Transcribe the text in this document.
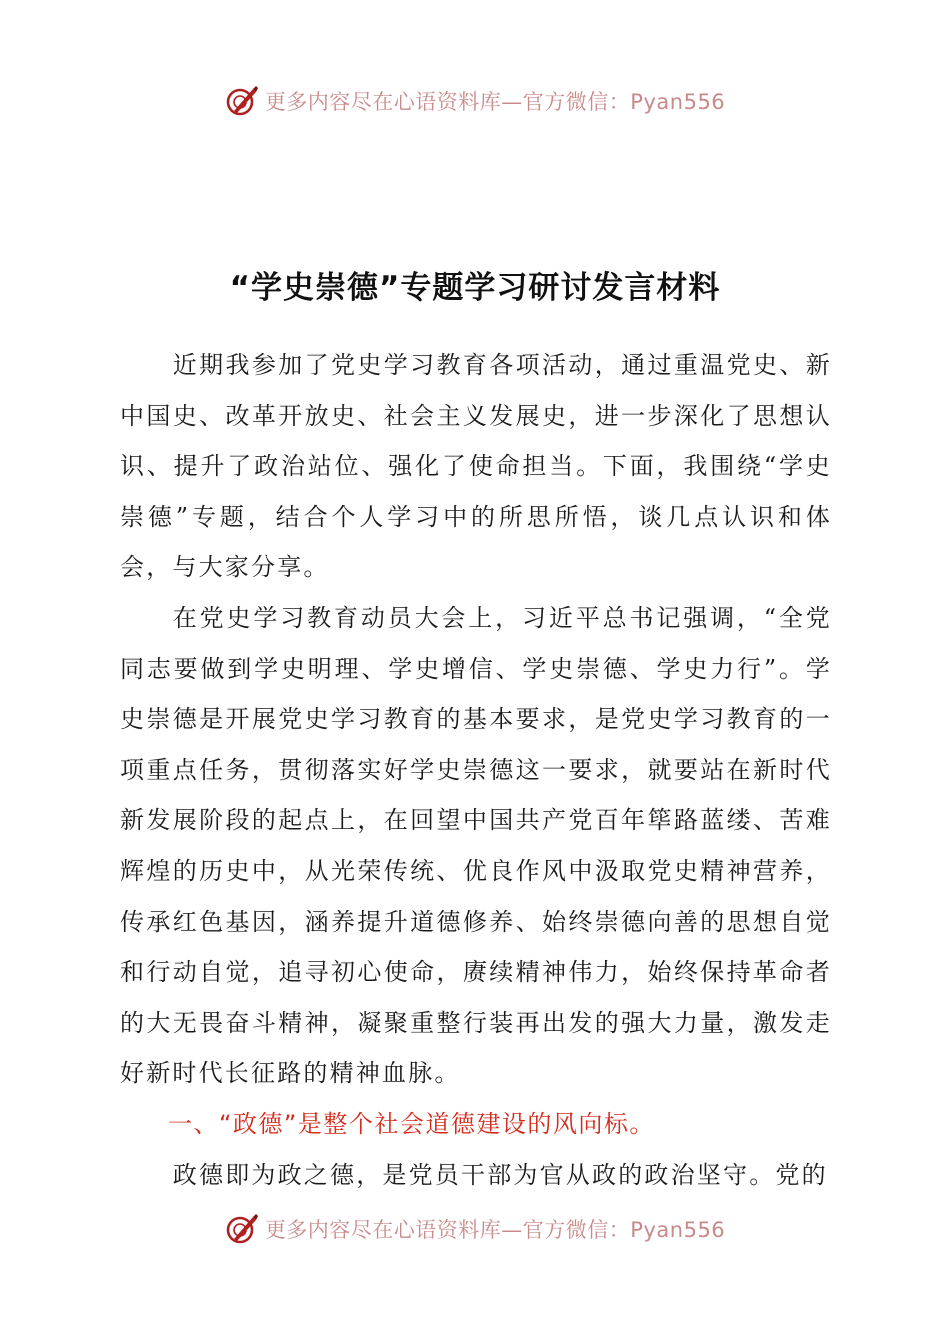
更多内容尽在心语资料库—官方微信：Pyan556
“学史崇德”专题学习研讨发言材料

近期我参加了党史学习教育各项活动，通过重温党史、新中国史、改革开放史、社会主义发展史，进一步深化了思想认识、提升了政治站位、强化了使命担当。下面，我围绕“学史崇德”专题，结合个人学习中的所思所悟，谈几点认识和体会，与大家分享。

在党史学习教育动员大会上，习近平总书记强调，“全党同志要做到学史明理、学史增信、学史崇德、学史力行”。学史崇德是开展党史学习教育的基本要求，是党史学习教育的一项重点任务，贯彻落实好学史崇德这一要求，就要站在新时代新发展阶段的起点上，在回望中国共产党百年筚路蓝缕、苦难辉煌的历史中，从光荣传统、优良作风中汲取党史精神营养，传承红色基因，涵养提升道德修养、始终崇德向善的思想自觉和行动自觉，追寻初心使命，赓续精神伟力，始终保持革命者的大无畏奋斗精神，凝聚重整行装再出发的强大力量，激发走好新时代长征路的精神血脉。

一、“政德”是整个社会道德建设的风向标。

政德即为政之德，是党员干部为官从政的政治坚守。党的

更多内容尽在心语资料库—官方微信：Pyan556
